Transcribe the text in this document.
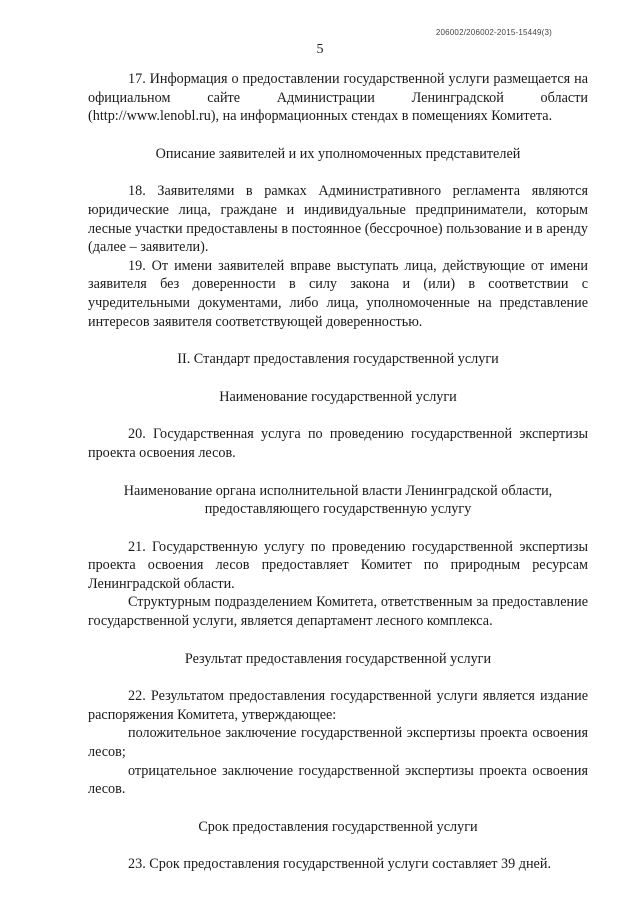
206002/206002-2015-15449(3)
5

17. Информация о предоставлении государственной услуги размещается на официальном сайте Администрации Ленинградской области (http://www.lenobl.ru), на информационных стендах в помещениях Комитета.

Описание заявителей и их уполномоченных представителей

18. Заявителями в рамках Административного регламента являются юридические лица, граждане и индивидуальные предприниматели, которым лесные участки предоставлены в постоянное (бессрочное) пользование и в аренду (далее – заявители).

19. От имени заявителей вправе выступать лица, действующие от имени заявителя без доверенности в силу закона и (или) в соответствии с учредительными документами, либо лица, уполномоченные на представление интересов заявителя соответствующей доверенностью.

II. Стандарт предоставления государственной услуги

Наименование государственной услуги

20. Государственная услуга по проведению государственной экспертизы проекта освоения лесов.

Наименование органа исполнительной власти Ленинградской области,

предоставляющего государственную услугу

21. Государственную услугу по проведению государственной экспертизы проекта освоения лесов предоставляет Комитет по природным ресурсам Ленинградской области.

Структурным подразделением Комитета, ответственным за предоставление государственной услуги, является департамент лесного комплекса.

Результат предоставления государственной услуги

22. Результатом предоставления государственной услуги является издание распоряжения Комитета, утверждающее:

положительное заключение государственной экспертизы проекта освоения лесов;

отрицательное заключение государственной экспертизы проекта освоения лесов.

Срок предоставления государственной услуги

23. Срок предоставления государственной услуги составляет 39 дней.
